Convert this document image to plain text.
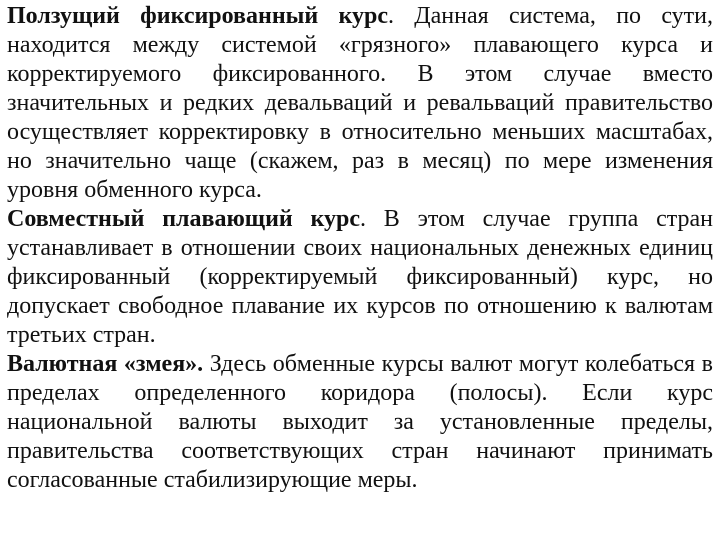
Ползущий фиксированный курс. Данная система, по сути, находится между системой «грязного» плавающего курса и корректируемого фиксированного. В этом случае вместо значительных и редких девальваций и ревальваций правительство осуществляет корректировку в относительно меньших масштабах, но значительно чаще (скажем, раз в месяц) по мере изменения уровня обменного курса.

Совместный плавающий курс. В этом случае группа стран устанавливает в отношении своих национальных денежных единиц фиксированный (корректируемый фиксированный) курс, но допускает свободное плавание их курсов по отношению к валютам третьих стран.

Валютная «змея». Здесь обменные курсы валют могут колебаться в пределах определенного коридора (полосы). Если курс национальной валюты выходит за установленные пределы, правительства соответствующих стран начинают принимать согласованные стабилизирующие меры.
